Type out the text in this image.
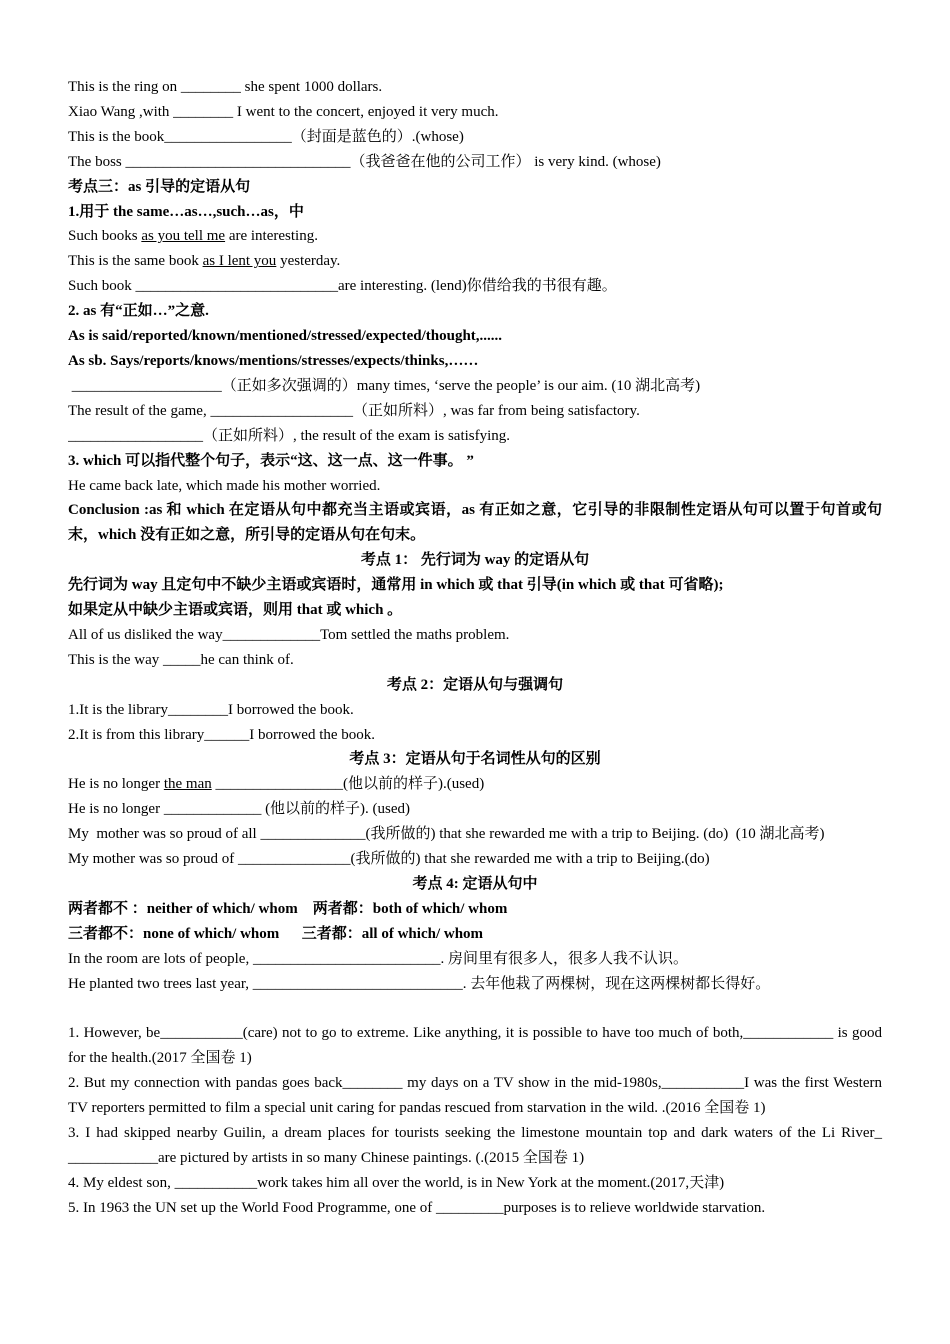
This is the ring on ________ she spent 1000 dollars.
Xiao Wang ,with ________ I went to the concert, enjoyed it very much.
This is the book_________________（封面是蓝色的）.(whose)
The boss ______________________________（我爸爸在他的公司工作） is very kind. (whose)
考点三：as 引导的定语从句
1.用于 the same…as…,such…as，中
Such books as you tell me are interesting.
This is the same book as I lent you yesterday.
Such book ___________________________are interesting. (lend)你借给我的书很有趣。
2. as 有“正如…”之意.
As is said/reported/known/mentioned/stressed/expected/thought,......
As sb. Says/reports/knows/mentions/stresses/expects/thinks,……
____________________（正如多次强调的）many times, ‘serve the people’ is our aim. (10 湖北高考)
The result of the game, ___________________（正如所料）, was far from being satisfactory.
__________________（正如所料）, the result of the exam is satisfying.
3. which 可以指代整个句子，表示“这、这一点、这一件事。 ”
He came back late, which made his mother worried.
Conclusion :as 和 which 在定语从句中都充当主语或宾语，as 有正如之意，它引导的非限制性定语从句可以置于句首或句末，which 没有正如之意，所引导的定语从句在句末。
考点 1： 先行词为 way 的定语从句
先行词为 way 且定句中不缺少主语或宾语时，通常用 in which 或 that 引导(in which 或 that 可省略);
如果定从中缺少主语或宾语，则用 that 或 which 。
All of us disliked the way_____________Tom settled the maths problem.
This is the way _____he can think of.
考点 2：定语从句与强调句
1.It is the library________I borrowed the book.
2.It is from this library______I borrowed the book.
考点 3：定语从句于名词性从句的区别
He is no longer the man _________________(他以前的样子).(used)
He is no longer _____________ (他以前的样子). (used)
My  mother was so proud of all ______________(我所做的) that she rewarded me with a trip to Beijing. (do)  (10 湖北高考)
My mother was so proud of _______________(我所做的) that she rewarded me with a trip to Beijing.(do)
考点 4: 定语从句中
两者都不 ：neither of which/ whom    两者都：both of which/ whom
三者都不：none of which/ whom      三者都：all of which/ whom
In the room are lots of people, _________________________. 房间里有很多人，很多人我不认识。
He planted two trees last year, ____________________________. 去年他栽了两棵树，现在这两棵树都长得好。
1. However, be___________(care) not to go to extreme. Like anything, it is possible to have too much of both,____________ is good for the health.(2017 全国卷 1)
2. But my connection with pandas goes back________ my days on a TV show in the mid-1980s,___________I was the first Western TV reporters permitted to film a special unit caring for pandas rescued from starvation in the wild. .(2016 全国卷 1)
3. I had skipped nearby Guilin, a dream places for tourists seeking the limestone mountain top and dark waters of the Li River_ ____________are pictured by artists in so many Chinese paintings. (.(2015 全国卷 1)
4. My eldest son, ___________work takes him all over the world, is in New York at the moment.(2017,天津)
5. In 1963 the UN set up the World Food Programme, one of _________purposes is to relieve worldwide starvation.
